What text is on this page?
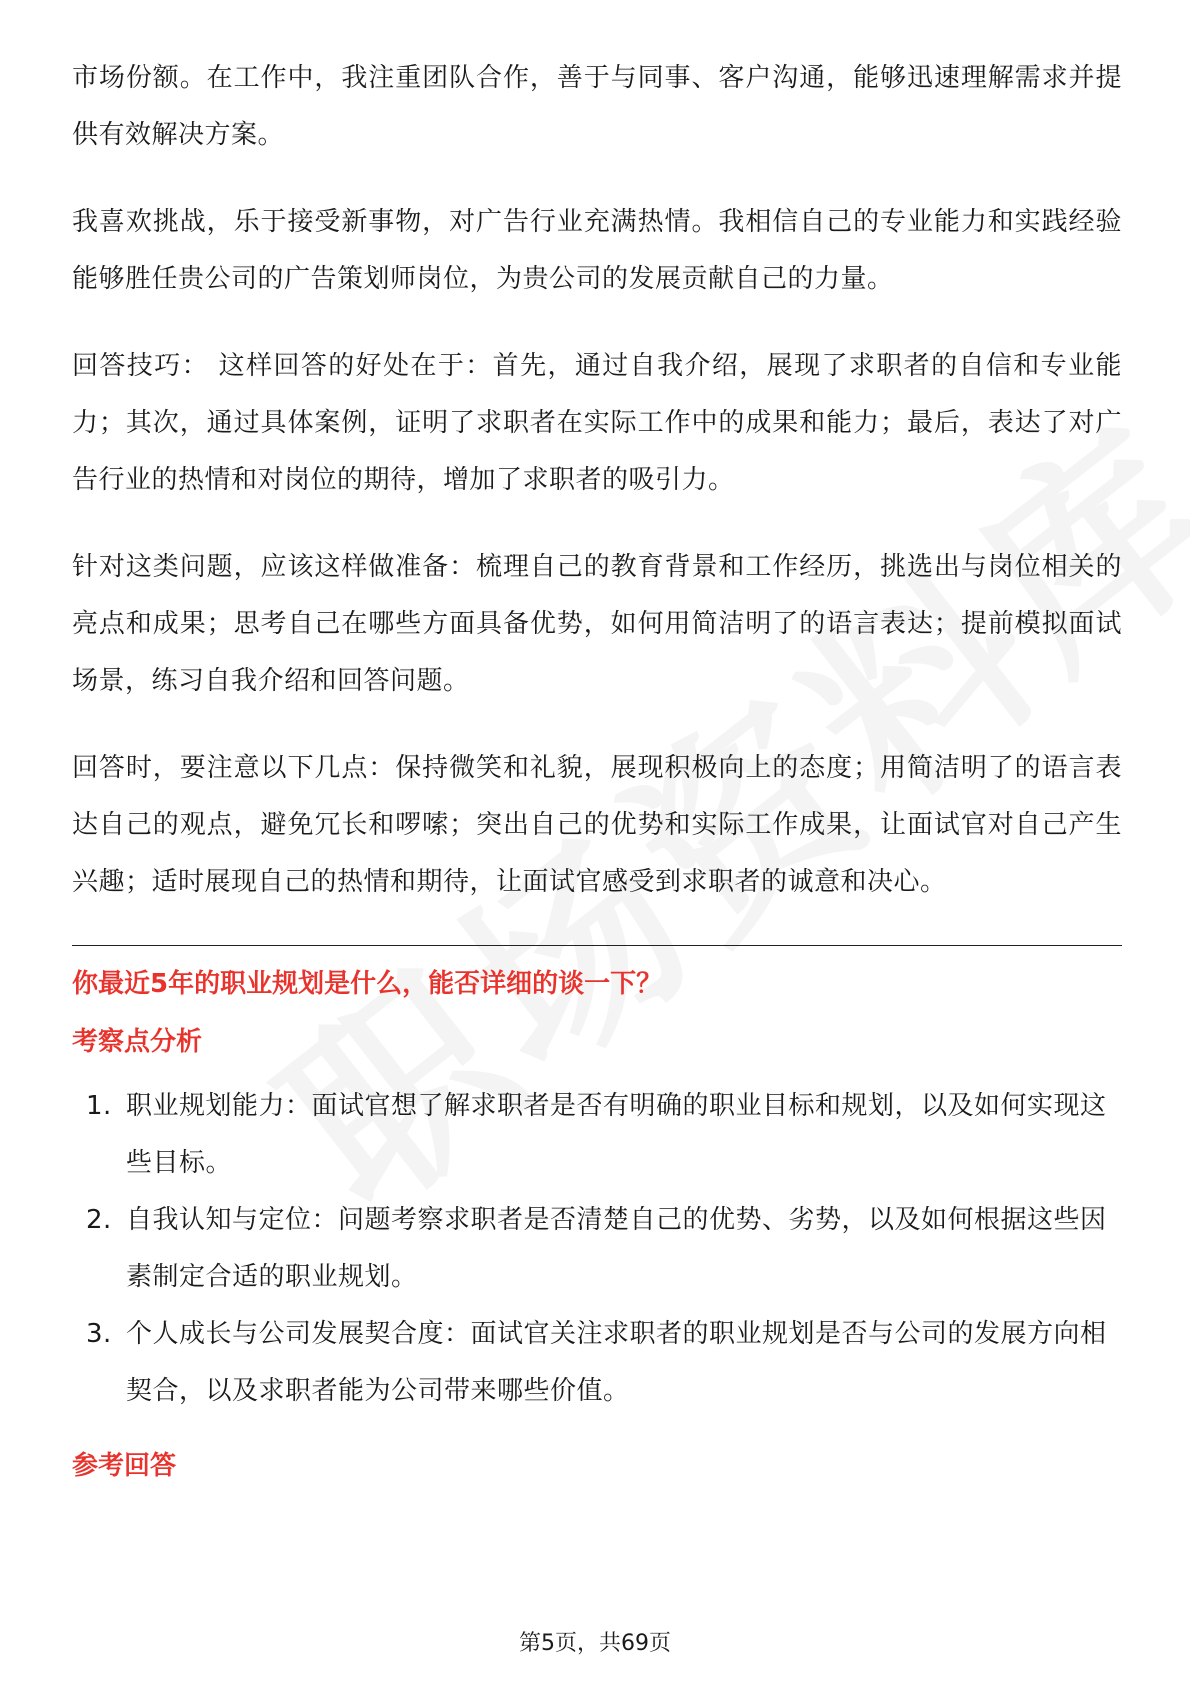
市场份额。在工作中，我注重团队合作，善于与同事、客户沟通，能够迅速理解需求并提供有效解决方案。

我喜欢挑战，乐于接受新事物，对广告行业充满热情。我相信自己的专业能力和实践经验能够胜任贵公司的广告策划师岗位，为贵公司的发展贡献自己的力量。

回答技巧： 这样回答的好处在于：首先，通过自我介绍，展现了求职者的自信和专业能力；其次，通过具体案例，证明了求职者在实际工作中的成果和能力；最后，表达了对广告行业的热情和对岗位的期待，增加了求职者的吸引力。

针对这类问题，应该这样做准备：梳理自己的教育背景和工作经历，挑选出与岗位相关的亮点和成果；思考自己在哪些方面具备优势，如何用简洁明了的语言表达；提前模拟面试场景，练习自我介绍和回答问题。

回答时，要注意以下几点：保持微笑和礼貌，展现积极向上的态度；用简洁明了的语言表达自己的观点，避免冗长和啰嗦；突出自己的优势和实际工作成果，让面试官对自己产生兴趣；适时展现自己的热情和期待，让面试官感受到求职者的诚意和决心。

你最近5年的职业规划是什么，能否详细的谈一下？
考察点分析
1. 职业规划能力：面试官想了解求职者是否有明确的职业目标和规划，以及如何实现这些目标。
2. 自我认知与定位：问题考察求职者是否清楚自己的优势、劣势，以及如何根据这些因素制定合适的职业规划。
3. 个人成长与公司发展契合度：面试官关注求职者的职业规划是否与公司的发展方向相契合，以及求职者能为公司带来哪些价值。
参考回答
第5页，共69页
